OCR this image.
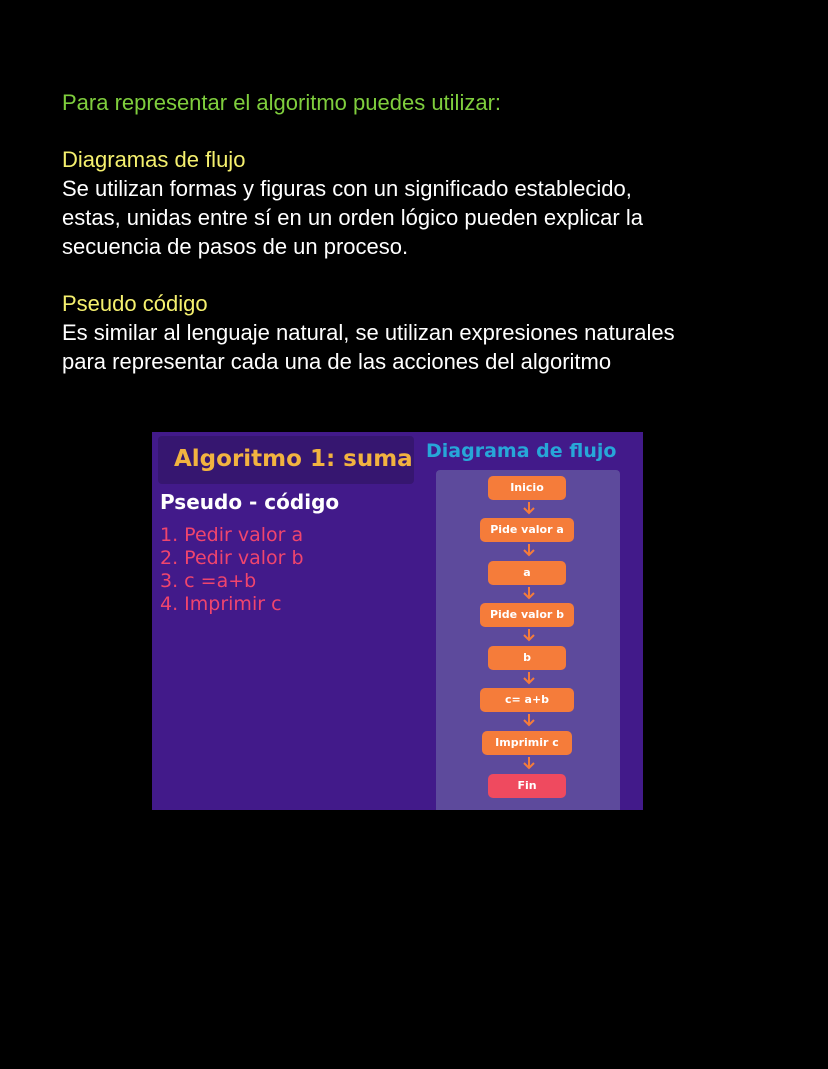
Para representar el algoritmo puedes utilizar:

Diagramas de flujo

Se utilizan formas y figuras con un significado establecido,

estas, unidas entre sí en un orden lógico pueden explicar la

secuencia de pasos de un proceso.

Pseudo código

Es similar al lenguaje natural, se utilizan expresiones naturales

para representar cada una de las acciones del algoritmo

Algoritmo 1: suma
Pseudo - código
1. Pedir valor a
2. Pedir valor b
3. c =a+b
4. Imprimir c
Diagrama de flujo
Inicio
Pide valor a
a
Pide valor b
b
c= a+b
Imprimir c
Fin
